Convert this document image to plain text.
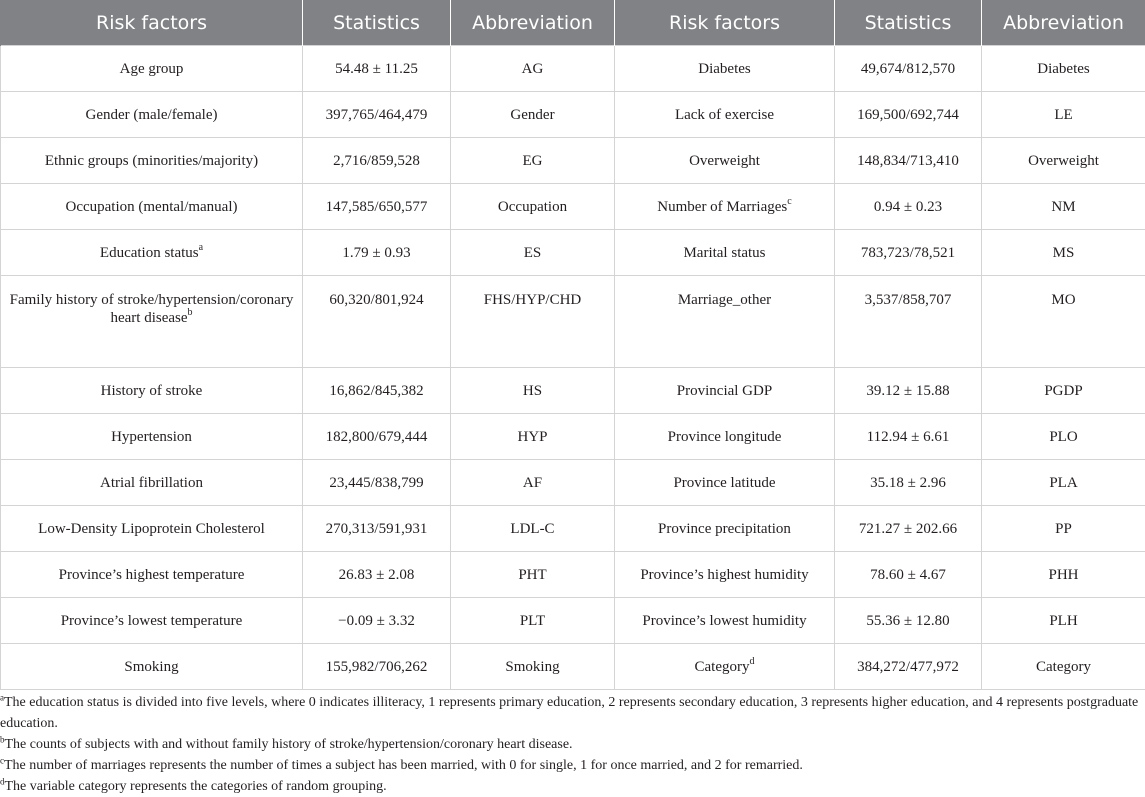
Risk factors	Statistics	Abbreviation	Risk factors	Statistics	Abbreviation
Age group	54.48 ± 11.25	AG	Diabetes	49,674/812,570	Diabetes
Gender (male/female)	397,765/464,479	Gender	Lack of exercise	169,500/692,744	LE
Ethnic groups (minorities/majority)	2,716/859,528	EG	Overweight	148,834/713,410	Overweight
Occupation (mental/manual)	147,585/650,577	Occupation	Number of Marriages$^c$	0.94 ± 0.23	NM
Education status$^a$	1.79 ± 0.93	ES	Marital status	783,723/78,521	MS
Family history of stroke/hypertension/coronary heart disease$^b$	60,320/801,924	FHS/HYP/CHD	Marriage_other	3,537/858,707	MO
History of stroke	16,862/845,382	HS	Provincial GDP	39.12 ± 15.88	PGDP
Hypertension	182,800/679,444	HYP	Province longitude	112.94 ± 6.61	PLO
Atrial fibrillation	23,445/838,799	AF	Province latitude	35.18 ± 2.96	PLA
Low-Density Lipoprotein Cholesterol	270,313/591,931	LDL-C	Province precipitation	721.27 ± 202.66	PP
Province’s highest temperature	26.83 ± 2.08	PHT	Province’s highest humidity	78.60 ± 4.67	PHH
Province’s lowest temperature	−0.09 ± 3.32	PLT	Province’s lowest humidity	55.36 ± 12.80	PLH
Smoking	155,982/706,262	Smoking	Category$^d$	384,272/477,972	Category

$^a$The education status is divided into five levels, where 0 indicates illiteracy, 1 represents primary education, 2 represents secondary education, 3 represents higher education, and 4 represents postgraduate education.

$^b$The counts of subjects with and without family history of stroke/hypertension/coronary heart disease.

$^c$The number of marriages represents the number of times a subject has been married, with 0 for single, 1 for once married, and 2 for remarried.

$^d$The variable category represents the categories of random grouping.
